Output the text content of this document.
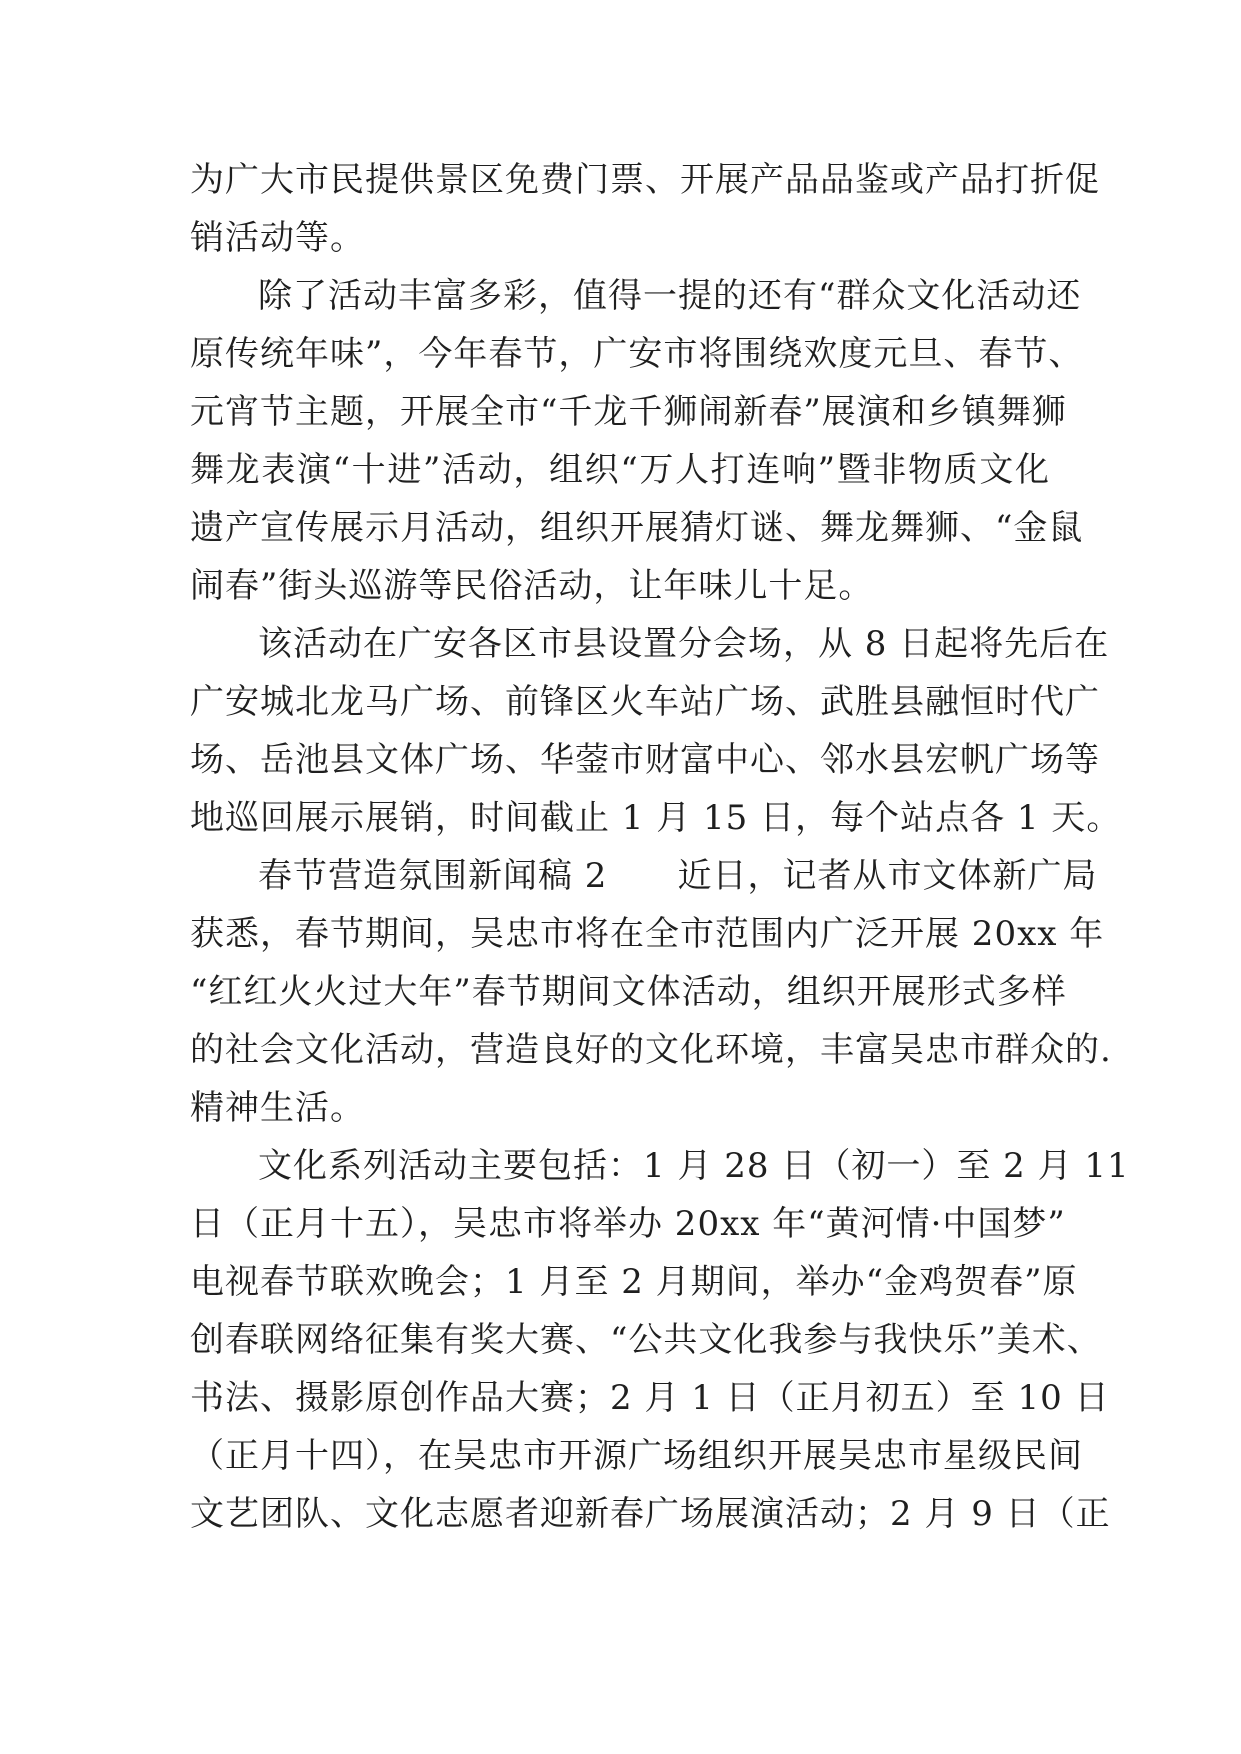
为广大市民提供景区免费门票、开展产品品鉴或产品打折促
销活动等。
除了活动丰富多彩，值得一提的还有“群众文化活动还
原传统年味”，今年春节，广安市将围绕欢度元旦、春节、
元宵节主题，开展全市“千龙千狮闹新春”展演和乡镇舞狮
舞龙表演“十进”活动，组织“万人打连响”暨非物质文化
遗产宣传展示月活动，组织开展猜灯谜、舞龙舞狮、“金鼠
闹春”街头巡游等民俗活动，让年味儿十足。
该活动在广安各区市县设置分会场，从 8 日起将先后在
广安城北龙马广场、前锋区火车站广场、武胜县融恒时代广
场、岳池县文体广场、华蓥市财富中心、邻水县宏帆广场等
地巡回展示展销，时间截止 1 月 15 日，每个站点各 1 天。
春节营造氛围新闻稿 2　　近日，记者从市文体新广局
获悉，春节期间，吴忠市将在全市范围内广泛开展 20xx 年
“红红火火过大年”春节期间文体活动，组织开展形式多样
的社会文化活动，营造良好的文化环境，丰富吴忠市群众的.
精神生活。
文化系列活动主要包括：1 月 28 日（初一）至 2 月 11
日（正月十五），吴忠市将举办 20xx 年“黄河情·中国梦”
电视春节联欢晚会；1 月至 2 月期间，举办“金鸡贺春”原
创春联网络征集有奖大赛、“公共文化我参与我快乐”美术、
书法、摄影原创作品大赛；2 月 1 日（正月初五）至 10 日
（正月十四），在吴忠市开源广场组织开展吴忠市星级民间
文艺团队、文化志愿者迎新春广场展演活动；2 月 9 日（正
